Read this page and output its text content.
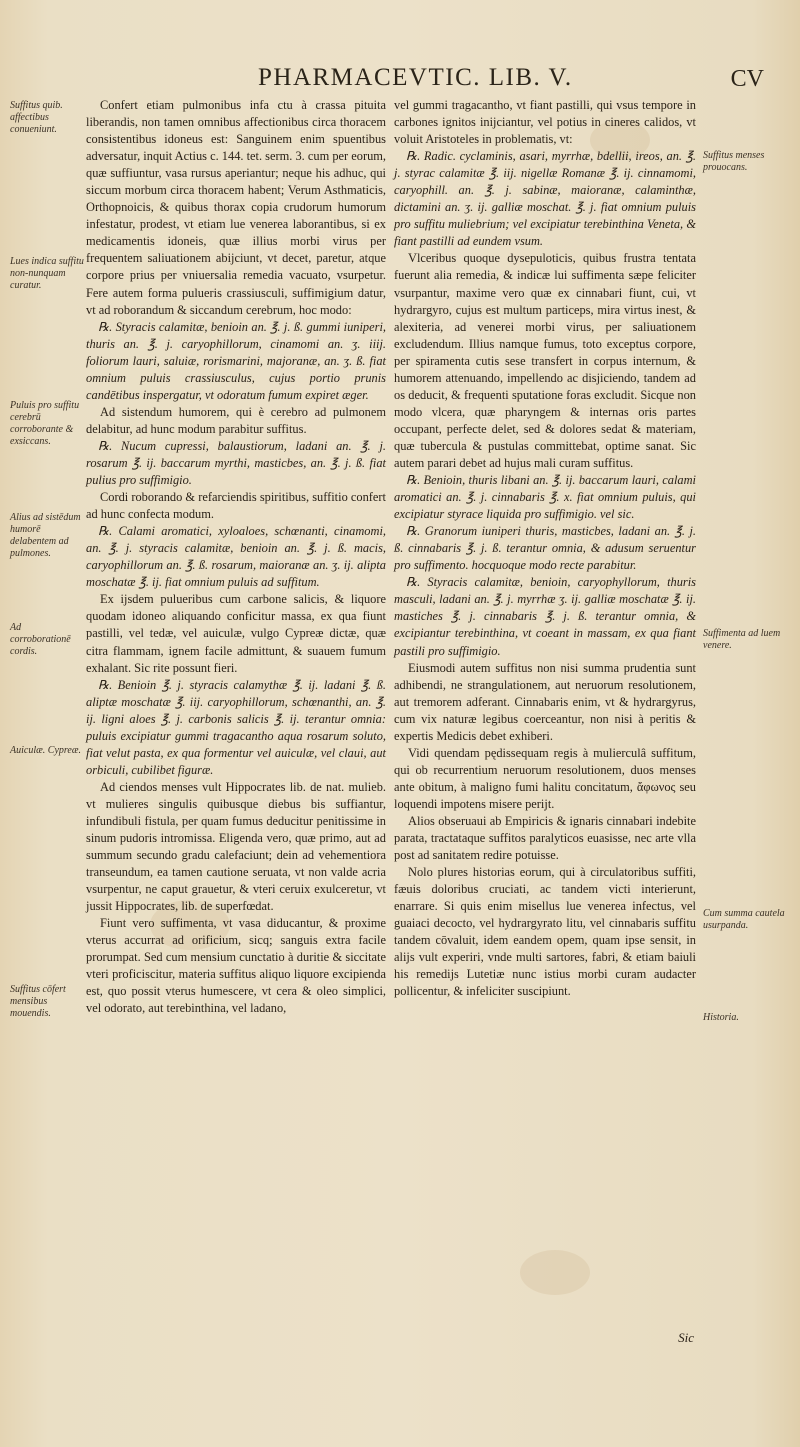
PHARMACEVTIC. LIB. V.	CV
Suffitus quib. affectibus conueniunt.
Lues indica suffitu non-nunquam curatur.
Puluis pro suffitu cerebrū corroborante & exsiccans.
Alius ad sistēdum humorē delabentem ad pulmones.
Ad corroborationē cordis.
Auiculæ. Cypreæ.
Suffitus cōfert mensibus mouendis.
Suffitus menses prouocans.
Suffimenta ad luem venere.
Cum summa cautela usurpanda.
Historia.

Confert etiam pulmonibus infa ctu à crassa pituita liberandis, non tamen omnibus affectionibus circa thoracem consistentibus idoneus est: Sanguinem enim spuentibus adversatur, inquit Actius c. 144. tet. serm. 3. cum per eorum, quæ suffiuntur, vasa rursus aperiantur; neque his adhuc, qui siccum morbum circa thoracem habent; Verum Asthmaticis, Orthopnoicis, & quibus thorax copia crudorum humorum infestatur, prodest, vt etiam lue venerea laborantibus, si ex medicamentis idoneis, quæ illius morbi virus per frequentem saliuationem abijciunt, vt decet, paretur, atque corpore prius per vniuersalia remedia vacuato, vsurpetur. Fere autem forma pulueris crassiusculi, suffimigium datur, vt ad roborandum & siccandum cerebrum, hoc modo:

℞. Styracis calamitæ, benioin an. ℥. j. ß. gummi iuniperi, thuris an. ℥. j. caryophillorum, cinamomi an. ʒ. iiij. foliorum lauri, saluiæ, rorismarini, majoranæ, an. ʒ. ß. fiat omnium puluis crassiusculus, cujus portio prunis candētibus inspergatur, vt odoratum fumum expiret æger.

Ad sistendum humorem, qui è cerebro ad pulmonem delabitur, ad hunc modum parabitur suffitus.

℞. Nucum cupressi, balaustiorum, ladani an. ℥. j. rosarum ℥. ij. baccarum myrthi, masticbes, an. ℥. j. ß. fiat pulius pro suffimigio.

Cordi roborando & refarciendis spiritibus, suffitio confert ad hunc confecta modum.

℞. Calami aromatici, xyloaloes, schœnanti, cinamomi, an. ℥. j. styracis calamitæ, benioin an. ℥. j. ß. macis, caryophillorum an. ℥. ß. rosarum, maioranæ an. ʒ. ij. alipta moschatæ ℥. ij. fiat omnium puluis ad suffitum.

Ex ijsdem pulueribus cum carbone salicis, & liquore quodam idoneo aliquando conficitur massa, ex qua fiunt pastilli, vel tedæ, vel auiculæ, vulgo Cypreæ dictæ, quæ citra flammam, ignem facile admittunt, & suauem fumum exhalant. Sic rite possunt fieri.

℞. Benioin ℥. j. styracis calamythæ ℥. ij. ladani ℥. ß. aliptæ moschatæ ℥. iij. caryophillorum, schœnanthi, an. ℥. ij. ligni aloes ℥. j. carbonis salicis ℥. ij. terantur omnia: puluis excipiatur gummi tragacantho aqua rosarum soluto, fiat velut pasta, ex qua formentur vel auiculæ, vel claui, aut orbiculi, cubilibet figuræ.

Ad ciendos menses vult Hippocrates lib. de nat. mulieb. vt mulieres singulis quibusque diebus bis suffiantur, infundibuli fistula, per quam fumus deducitur penitissime in sinum pudoris intromissa. Eligenda vero, quæ primo, aut ad summum secundo gradu calefaciunt; dein ad vehementiora transeundum, ea tamen cautione seruata, vt non valde acria vsurpentur, ne caput grauetur, & vteri ceruix exulceretur, vt jussit Hippocrates, lib. de superfœdat.

Fiunt vero suffimenta, vt vasa diducantur, & proxime vterus accurrat ad orificium, sicq; sanguis extra facile prorumpat. Sed cum mensium cunctatio à duritie & siccitate vteri proficiscitur, materia suffitus aliquo liquore excipienda est, quo possit vterus humescere, vt cera & oleo simplici, vel odorato, aut terebinthina, vel ladano,

vel gummi tragacantho, vt fiant pastilli, qui vsus tempore in carbones ignitos inijciantur, vel potius in cineres calidos, vt voluit Aristoteles in problematis, vt:

℞. Radic. cyclaminis, asari, myrrhæ, bdellii, ireos, an. ℥. j. styrac calamitæ ℥. iij. nigellæ Romanæ ℥. ij. cinnamomi, caryophill. an. ℥. j. sabinæ, maioranæ, calaminthæ, dictamini an. ʒ. ij. galliæ moschat. ℥. j. fiat omnium puluis pro suffitu muliebrium; vel excipiatur terebinthina Veneta, & fiant pastilli ad eundem vsum.

Vlceribus quoque dysepuloticis, quibus frustra tentata fuerunt alia remedia, & indicæ lui suffimenta sæpe feliciter vsurpantur, maxime vero quæ ex cinnabari fiunt, cui, vt hydrargyro, cujus est multum particeps, mira virtus inest, & alexiteria, ad venerei morbi virus, per saliuationem excludendum. Illius namque fumus, toto exceptus corpore, per spiramenta cutis sese transfert in corpus internum, & humorem attenuando, impellendo ac disjiciendo, tandem ad os deducit, & frequenti sputatione foras excludit. Sicque non modo vlcera, quæ pharyngem & internas oris partes occupant, perfecte delet, sed & dolores sedat & materiam, quæ tubercula & pustulas committebat, optime sanat. Sic autem parari debet ad hujus mali curam suffitus.

℞. Benioin, thuris libani an. ℥. ij. baccarum lauri, calami aromatici an. ℥. j. cinnabaris ℥. x. fiat omnium puluis, qui excipiatur styrace liquida pro suffimigio. vel sic.

℞. Granorum iuniperi thuris, masticbes, ladani an. ℥. j. ß. cinnabaris ℥. j. ß. terantur omnia, & adusum seruentur pro suffimento. hocquoque modo recte parabitur.

℞. Styracis calamitæ, benioin, caryophyllorum, thuris masculi, ladani an. ℥. j. myrrhæ ʒ. ij. galliæ moschatæ ℥. ij. mastiches ℥. j. cinnabaris ℥. j. ß. terantur omnia, & excipiantur terebinthina, vt coeant in massam, ex qua fiant pastili pro suffimigio.

Eiusmodi autem suffitus non nisi summa prudentia sunt adhibendi, ne strangulationem, aut neruorum resolutionem, aut tremorem adferant. Cinnabaris enim, vt & hydrargyrus, cum vix naturæ legibus coerceantur, non nisi à peritis & expertis Medicis debet exhiberi.

Vidi quendam pędissequam regis à mulierculâ suffitum, qui ob recurrentium neruorum resolutionem, duos menses ante obitum, à maligno fumi halitu concitatum, ἄφωνος seu loquendi impotens misere perijt.

Alios obseruaui ab Empiricis & ignaris cinnabari indebite parata, tractataque suffitos paralyticos euasisse, nec arte vlla post ad sanitatem redire potuisse.

Nolo plures historias eorum, qui à circulatoribus suffiti, fæuis doloribus cruciati, ac tandem victi interierunt, enarrare. Si quis enim misellus lue venerea infectus, vel guaiaci decocto, vel hydrargyrato litu, vel cinnabaris suffitu tandem cōvaluit, idem eandem opem, quam ipse sensit, in alijs vult experiri, vnde multi sartores, fabri, & etiam baiuli his remedijs Lutetiæ nunc istius morbi curam audacter pollicentur, & infeliciter suscipiunt.

Sic
